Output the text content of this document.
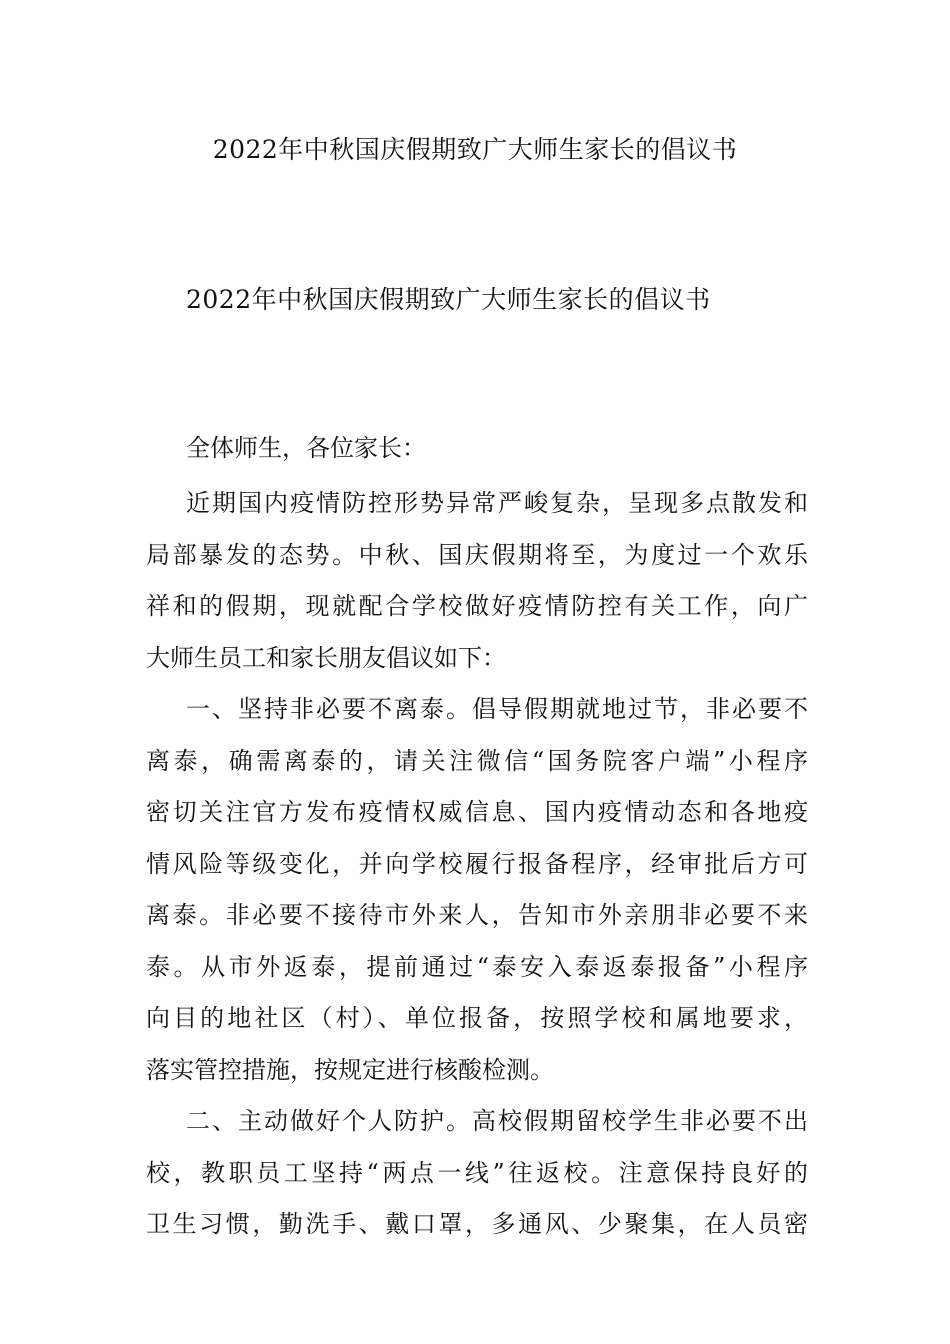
2022年中秋国庆假期致广大师生家长的倡议书
2022年中秋国庆假期致广大师生家长的倡议书
全体师生，各位家长：
近期国内疫情防控形势异常严峻复杂，呈现多点散发和
局部暴发的态势。中秋、国庆假期将至，为度过一个欢乐
祥和的假期，现就配合学校做好疫情防控有关工作，向广
大师生员工和家长朋友倡议如下：
一、坚持非必要不离泰。倡导假期就地过节，非必要不
离泰，确需离泰的，请关注微信“国务院客户端”小程序
密切关注官方发布疫情权威信息、国内疫情动态和各地疫
情风险等级变化，并向学校履行报备程序，经审批后方可
离泰。非必要不接待市外来人，告知市外亲朋非必要不来
泰。从市外返泰，提前通过“泰安入泰返泰报备”小程序
向目的地社区（村）、单位报备，按照学校和属地要求，
落实管控措施，按规定进行核酸检测。
二、主动做好个人防护。高校假期留校学生非必要不出
校，教职员工坚持“两点一线”往返校。注意保持良好的
卫生习惯，勤洗手、戴口罩，多通风、少聚集，在人员密
